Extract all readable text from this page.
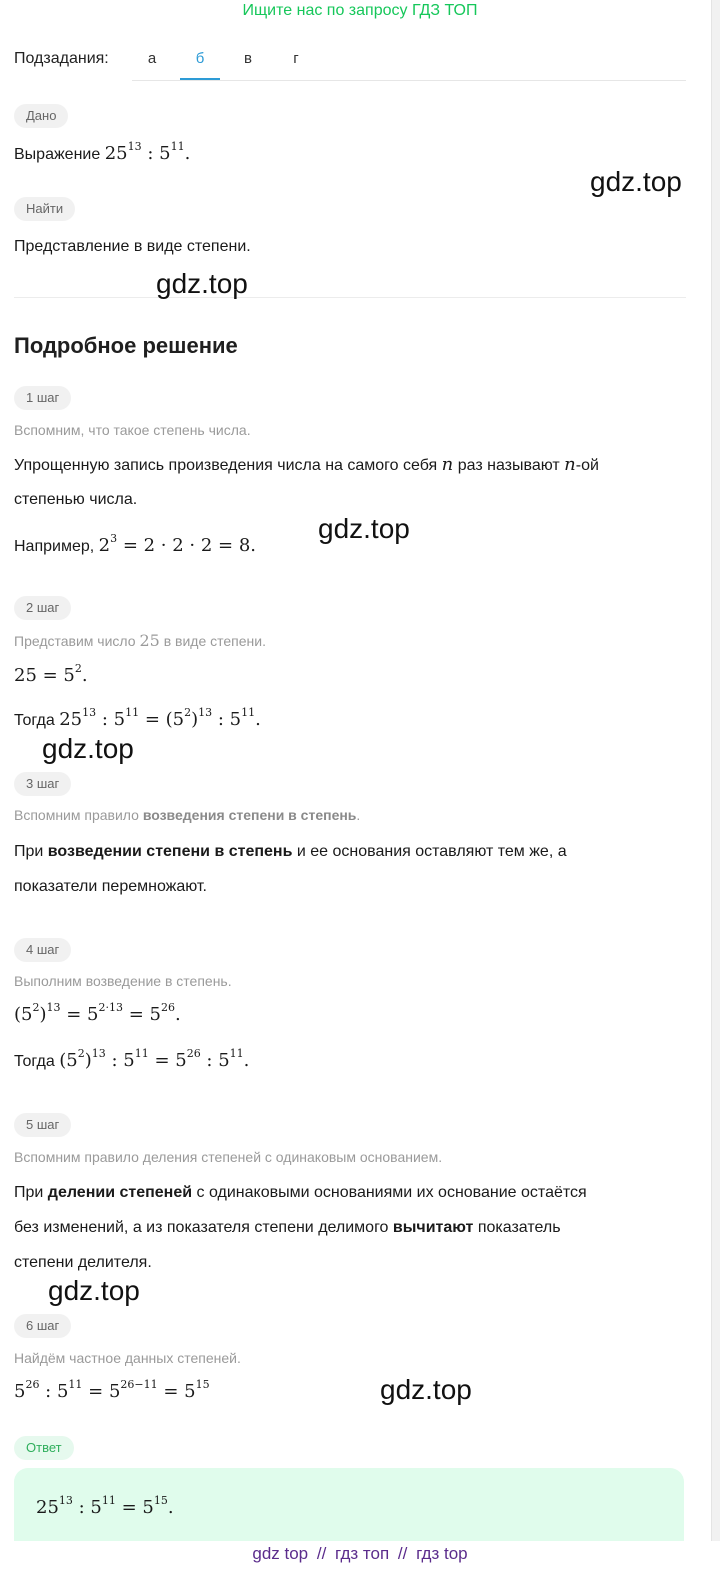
Ищите нас по запросу ГДЗ ТОП
Подзадания:	а	б	в	г
Дано
Выражение $25^{13}$ : $5^{11}$.
Найти
Представление в виде степени.
Подробное решение
1 шаг
Вспомним, что такое степень числа.
Упрощенную запись произведения числа на самого себя n раз называют n-ой
степенью числа.
Например, $2^3 = 2 \cdot 2 \cdot 2 = 8$.
2 шаг
Представим число 25 в виде степени.
$25 = 5^2$.
Тогда $25^{13}$ : $5^{11} = (5^2)^{13}$ : $5^{11}$.
3 шаг
Вспомним правило возведения степени в степень.
При возведении степени в степень и ее основания оставляют тем же, а
показатели перемножают.
4 шаг
Выполним возведение в степень.
$(5^2)^{13} = 5^{2\cdot 13} = 5^{26}$.
Тогда $(5^2)^{13}$ : $5^{11} = 5^{26}$ : $5^{11}$.
5 шаг
Вспомним правило деления степеней с одинаковым основанием.
При делении степеней с одинаковыми основаниями их основание остаётся
без изменений, а из показателя степени делимого вычитают показатель
степени делителя.
6 шаг
Найдём частное данных степеней.
$5^{26}$ : $5^{11} = 5^{26-11} = 5^{15}$
Ответ
$25^{13}$ : $5^{11} = 5^{15}$.
gdz.top
gdz.top
gdz.top
gdz.top
gdz.top
gdz.top
gdz top // гдз топ // гдз top
